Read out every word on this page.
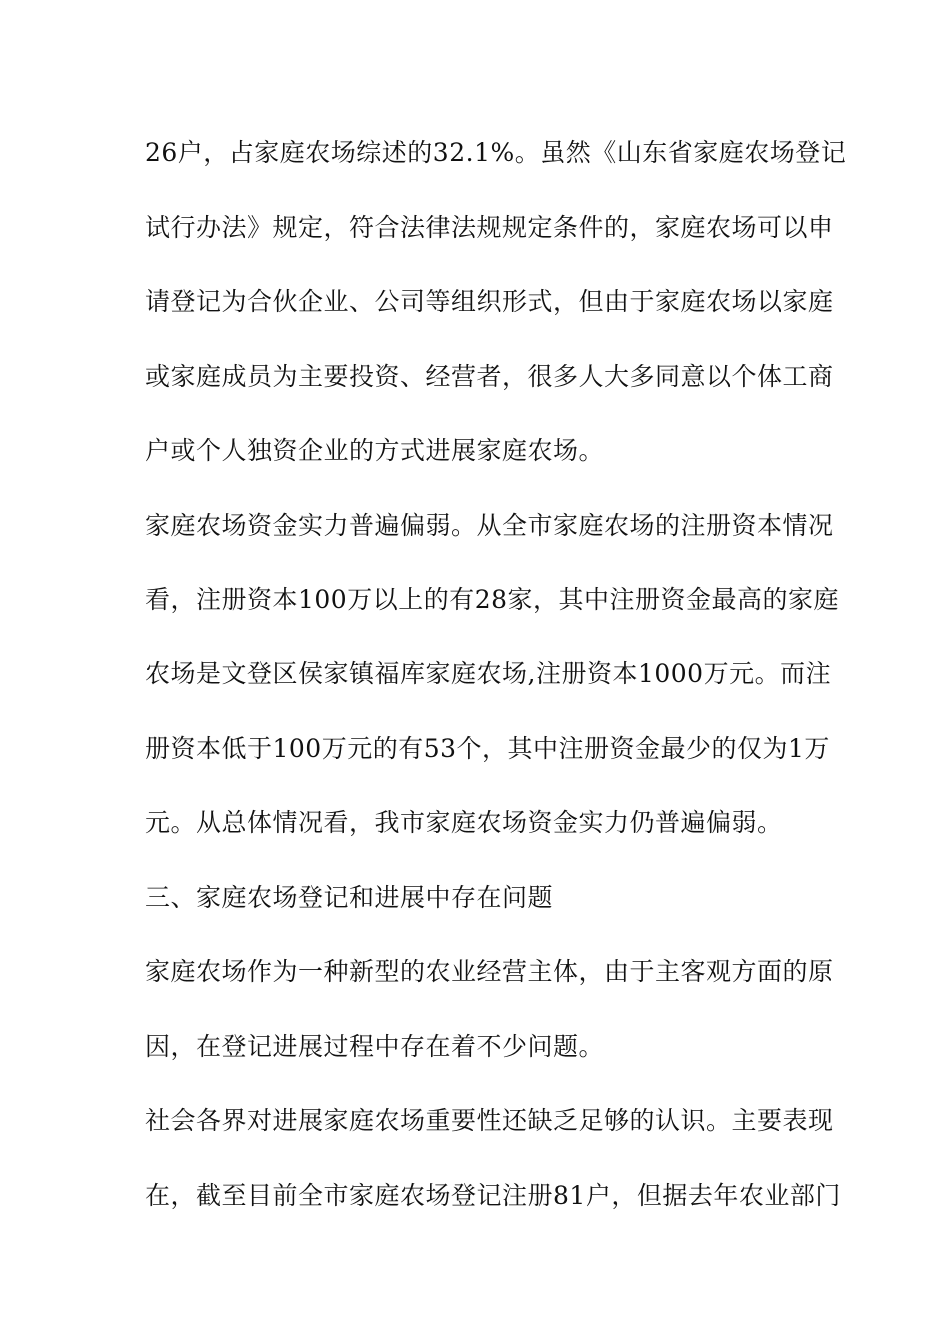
26户，占家庭农场综述的32.1%。虽然《山东省家庭农场登记
试行办法》规定，符合法律法规规定条件的，家庭农场可以申
请登记为合伙企业、公司等组织形式，但由于家庭农场以家庭
或家庭成员为主要投资、经营者，很多人大多同意以个体工商
户或个人独资企业的方式进展家庭农场。
家庭农场资金实力普遍偏弱。从全市家庭农场的注册资本情况
看，注册资本100万以上的有28家，其中注册资金最高的家庭
农场是文登区侯家镇福库家庭农场,注册资本1000万元。而注
册资本低于100万元的有53个，其中注册资金最少的仅为1万
元。从总体情况看，我市家庭农场资金实力仍普遍偏弱。
三、家庭农场登记和进展中存在问题
家庭农场作为一种新型的农业经营主体，由于主客观方面的原
因，在登记进展过程中存在着不少问题。
社会各界对进展家庭农场重要性还缺乏足够的认识。主要表现
在，截至目前全市家庭农场登记注册81户，但据去年农业部门
